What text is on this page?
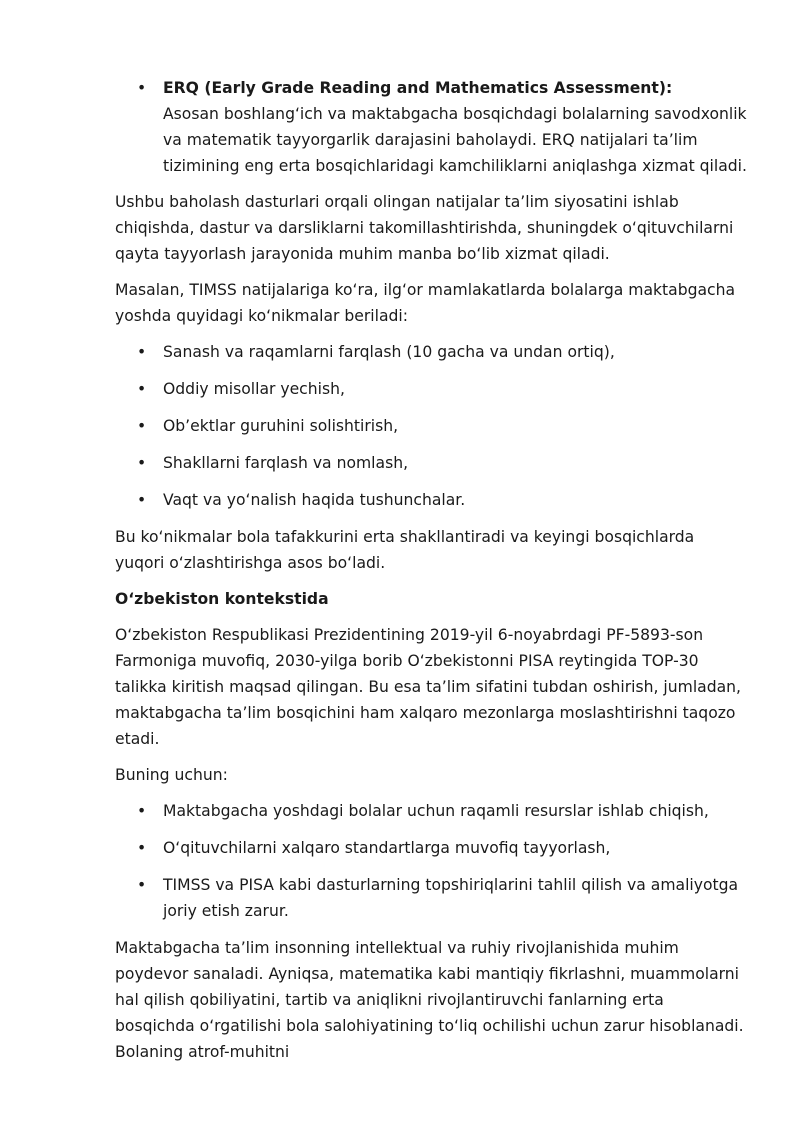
• ERQ (Early Grade Reading and Mathematics Assessment):
Asosan boshlang‘ich va maktabgacha bosqichdagi bolalarning savodxonlik va matematik tayyorgarlik darajasini baholaydi. ERQ natijalari ta’lim tizimining eng erta bosqichlaridagi kamchiliklarni aniqlashga xizmat qiladi.

Ushbu baholash dasturlari orqali olingan natijalar ta’lim siyosatini ishlab chiqishda, dastur va darsliklarni takomillashtirishda, shuningdek o‘qituvchilarni qayta tayyorlash jarayonida muhim manba bo‘lib xizmat qiladi.

Masalan, TIMSS natijalariga ko‘ra, ilg‘or mamlakatlarda bolalarga maktabgacha yoshda quyidagi ko‘nikmalar beriladi:

• Sanash va raqamlarni farqlash (10 gacha va undan ortiq),
• Oddiy misollar yechish,
• Ob’ektlar guruhini solishtirish,
• Shakllarni farqlash va nomlash,
• Vaqt va yo‘nalish haqida tushunchalar.

Bu ko‘nikmalar bola tafakkurini erta shakllantiradi va keyingi bosqichlarda yuqori o‘zlashtirishga asos bo‘ladi.

O‘zbekiston kontekstida

O‘zbekiston Respublikasi Prezidentining 2019-yil 6-noyabrdagi PF-5893-son Farmoniga muvofiq, 2030-yilga borib O‘zbekistonni PISA reytingida TOP-30 talikka kiritish maqsad qilingan. Bu esa ta’lim sifatini tubdan oshirish, jumladan, maktabgacha ta’lim bosqichini ham xalqaro mezonlarga moslashtirishni taqozo etadi.

Buning uchun:

• Maktabgacha yoshdagi bolalar uchun raqamli resurslar ishlab chiqish,
• O‘qituvchilarni xalqaro standartlarga muvofiq tayyorlash,
• TIMSS va PISA kabi dasturlarning topshiriqlarini tahlil qilish va amaliyotga joriy etish zarur.

Maktabgacha ta’lim insonning intellektual va ruhiy rivojlanishida muhim poydevor sanaladi. Ayniqsa, matematika kabi mantiqiy fikrlashni, muammolarni hal qilish qobiliyatini, tartib va aniqlikni rivojlantiruvchi fanlarning erta bosqichda o‘rgatilishi bola salohiyatining to‘liq ochilishi uchun zarur hisoblanadi. Bolaning atrof-muhitni
